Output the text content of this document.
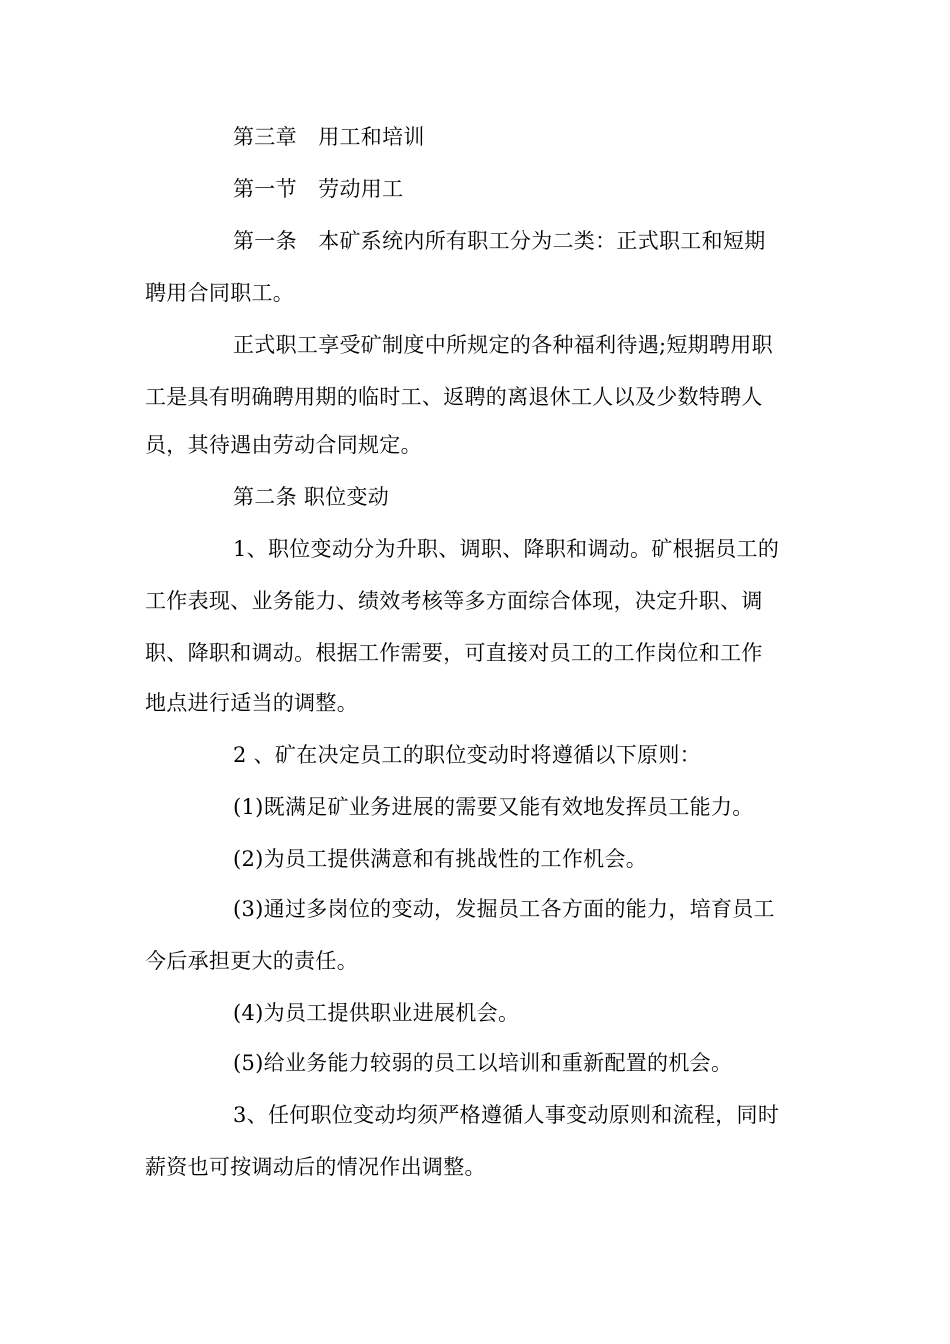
第三章　用工和培训
第一节　劳动用工
第一条　本矿系统内所有职工分为二类：正式职工和短期
聘用合同职工。
正式职工享受矿制度中所规定的各种福利待遇;短期聘用职
工是具有明确聘用期的临时工、返聘的离退休工人以及少数特聘人
员，其待遇由劳动合同规定。
第二条 职位变动
1、职位变动分为升职、调职、降职和调动。矿根据员工的
工作表现、业务能力、绩效考核等多方面综合体现，决定升职、调
职、降职和调动。根据工作需要，可直接对员工的工作岗位和工作
地点进行适当的调整。
2 、矿在决定员工的职位变动时将遵循以下原则：
(1)既满足矿业务进展的需要又能有效地发挥员工能力。
(2)为员工提供满意和有挑战性的工作机会。
(3)通过多岗位的变动，发掘员工各方面的能力，培育员工
今后承担更大的责任。
(4)为员工提供职业进展机会。
(5)给业务能力较弱的员工以培训和重新配置的机会。
3、任何职位变动均须严格遵循人事变动原则和流程，同时
薪资也可按调动后的情况作出调整。
